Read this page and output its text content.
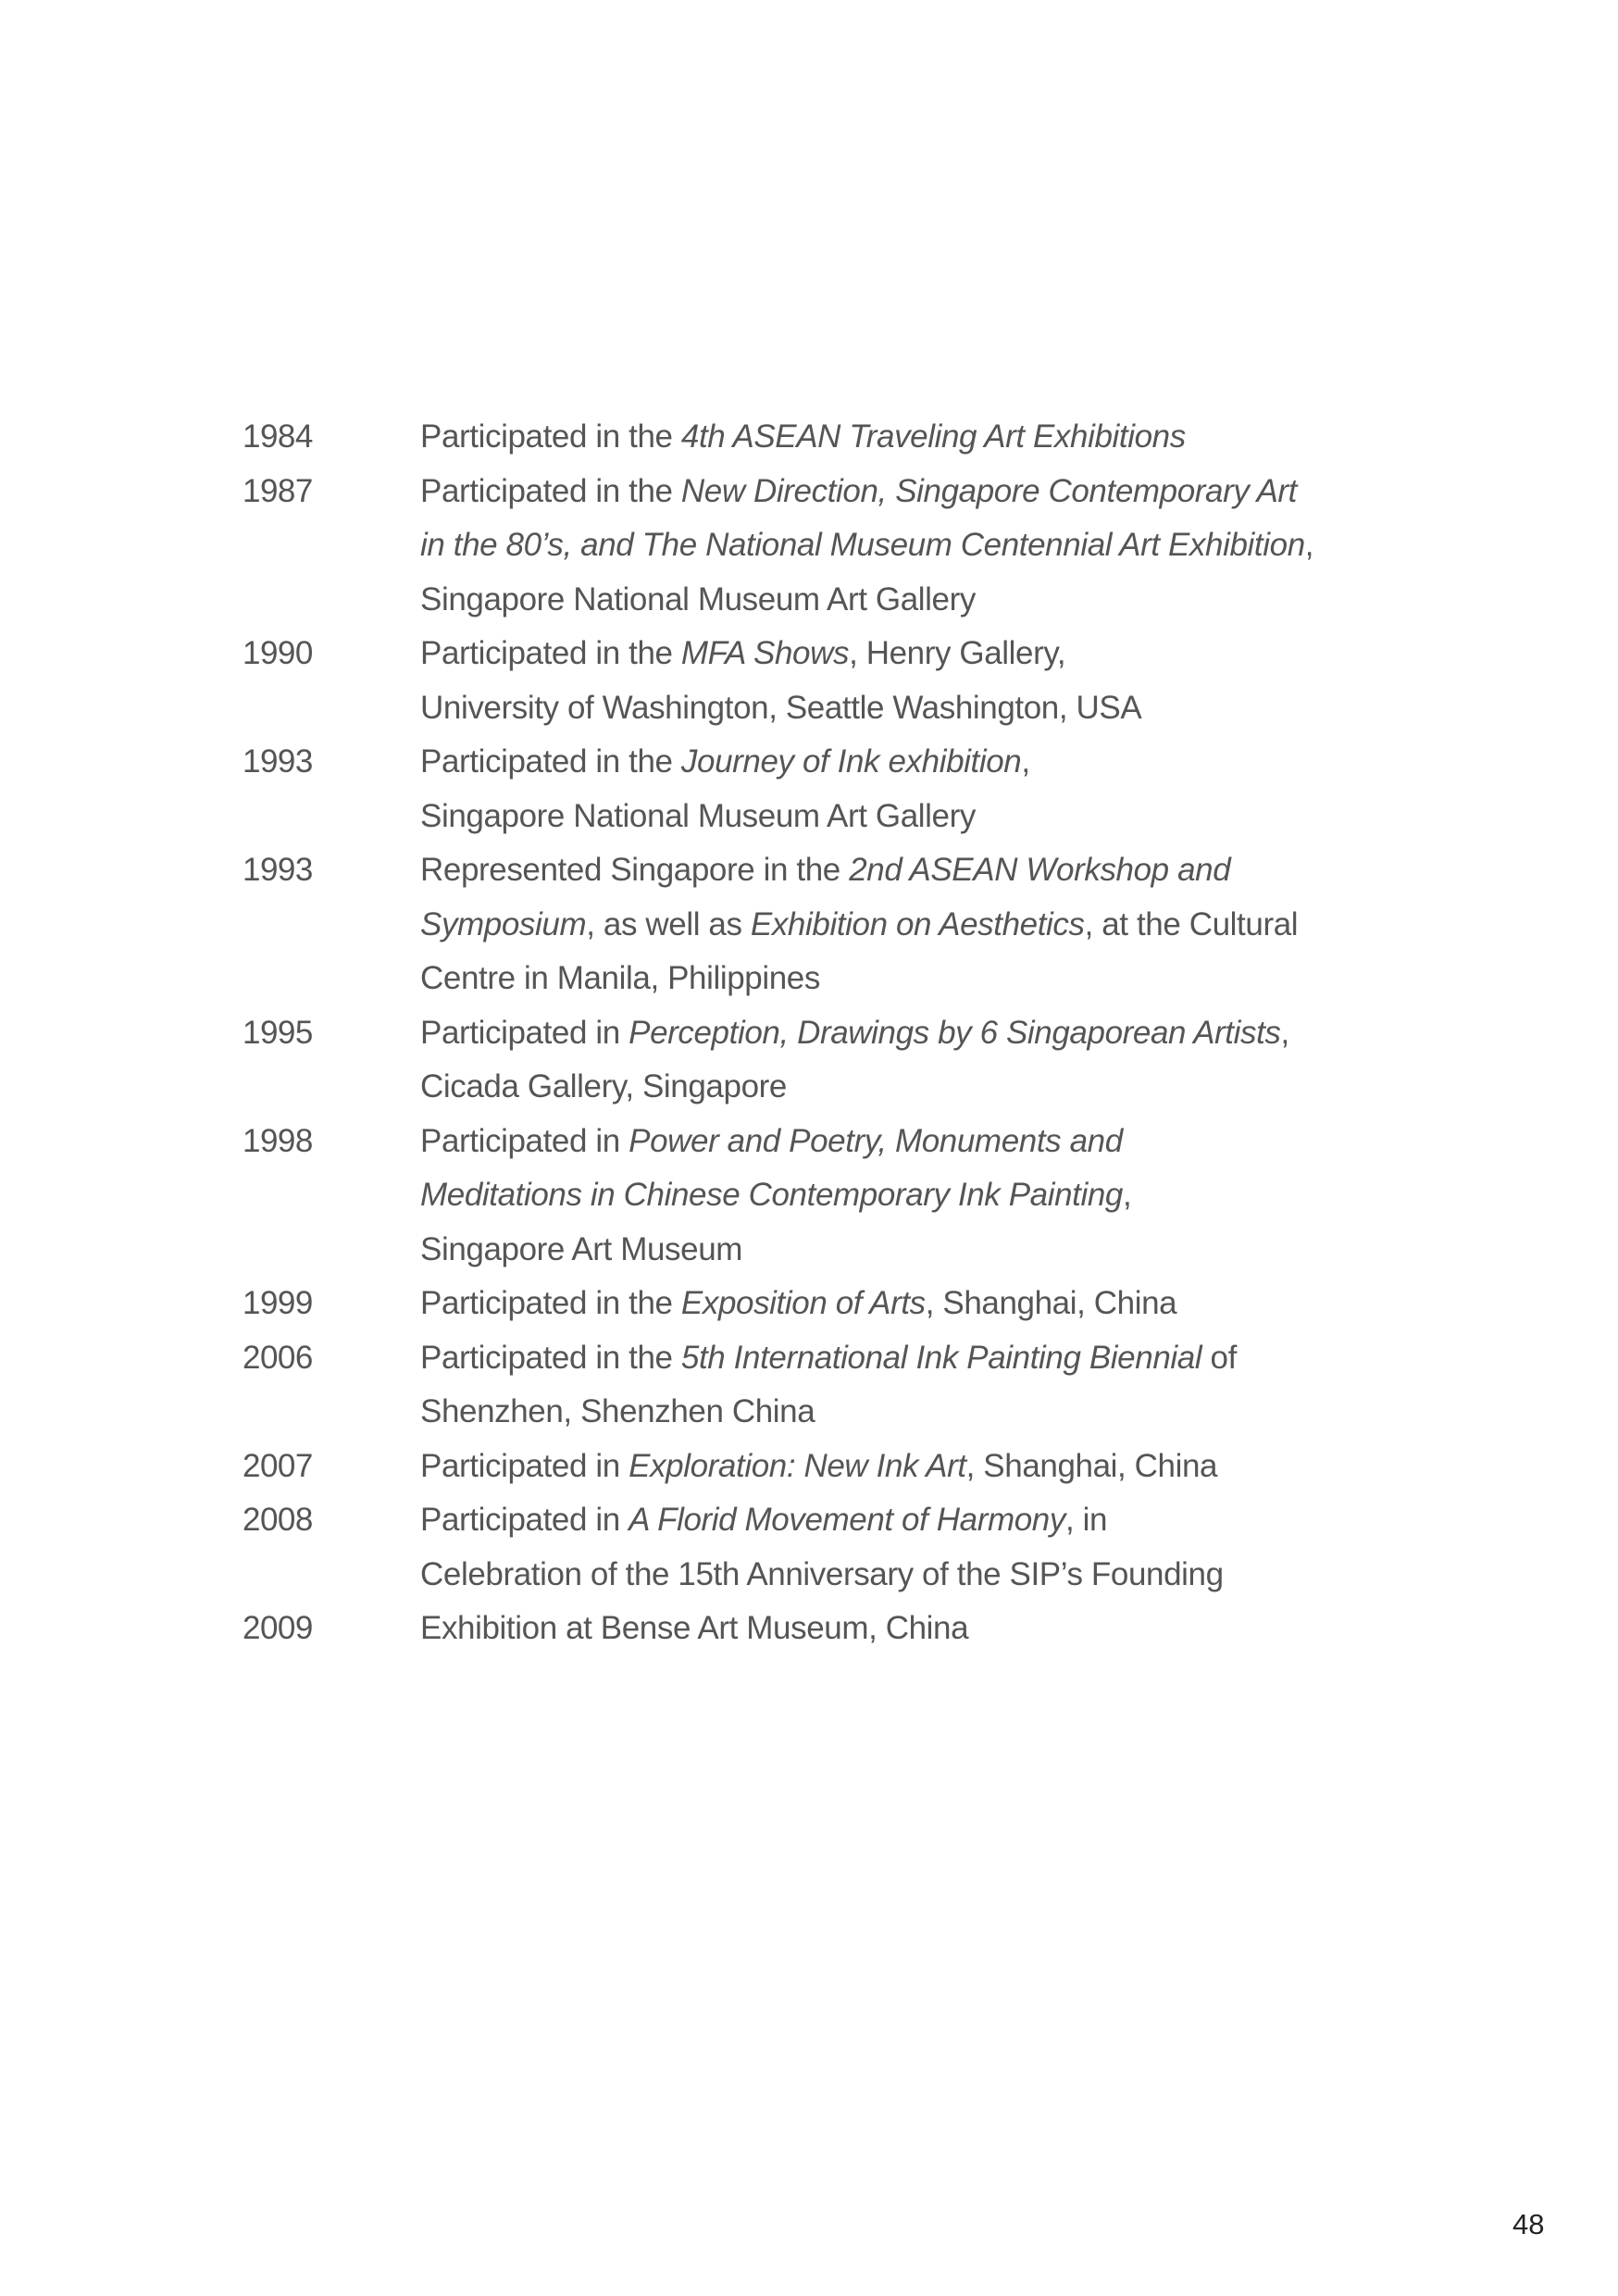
1984	Participated in the 4th ASEAN Traveling Art Exhibitions
1987	Participated in the New Direction, Singapore Contemporary Art
in the 80’s, and The National Museum Centennial Art Exhibition,
Singapore National Museum Art Gallery
1990	Participated in the MFA Shows, Henry Gallery,
University of Washington, Seattle Washington, USA
1993	Participated in the Journey of Ink exhibition,
Singapore National Museum Art Gallery
1993	Represented Singapore in the 2nd ASEAN Workshop and
Symposium, as well as Exhibition on Aesthetics, at the Cultural
Centre in Manila, Philippines
1995	Participated in Perception, Drawings by 6 Singaporean Artists,
Cicada Gallery, Singapore
1998	Participated in Power and Poetry, Monuments and
Meditations in Chinese Contemporary Ink Painting,
Singapore Art Museum
1999	Participated in the Exposition of Arts, Shanghai, China
2006	Participated in the 5th International Ink Painting Biennial of
Shenzhen, Shenzhen China
2007	Participated in Exploration: New Ink Art, Shanghai, China
2008	Participated in A Florid Movement of Harmony, in
Celebration of the 15th Anniversary of the SIP’s Founding
2009	Exhibition at Bense Art Museum, China
48
